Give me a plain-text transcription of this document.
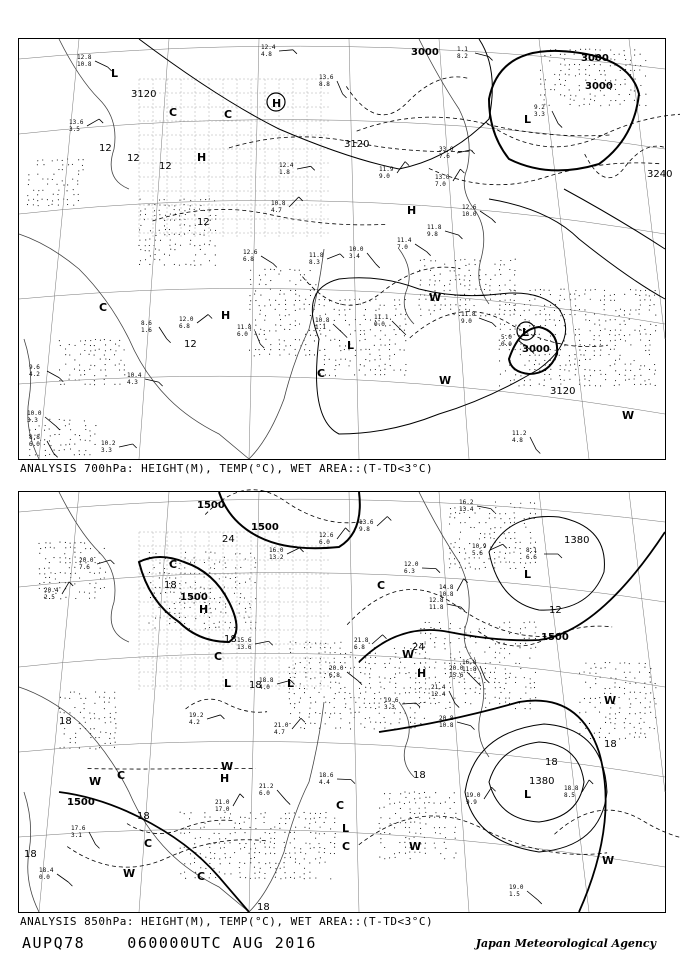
8.6
1.6
10.4
4.3
10.0
3.3
10.2
3.3
11.2
4.8
11.8
9.0
11.1
0.0
5.0
0.0
10.8
1.1
11.4
7.0
11.8
9.8
10.0
3.4
12.6
10.0
13.0
7.0
33.0
7.6
12.4
1.8
12.6
6.8
11.8
6.0
11.8
8.3
10.8
4.7
12.0
6.8
11.9
9.0
9.2
3.3
12.8
10.8
13.6
3.5
9.6
4.2
8.8
6.0
12.4
4.8
13.6
8.8
1.1
8.2
12
12
12
12
12
3000
3000
3000
3120
3120
3240
3000
3120
L
H
H
C	C	L
H
W
H
C
L
C
W
L
W
ANALYSIS 700hPa: HEIGHT(M), TEMP(°C), WET AREA::(T-TD<3°C)
19.0
1.5
19.0
9.9
18.8
8.5
21.0
17.0
21.2
6.0
18.6
4.4
19.6
3.3
21.4
12.4
20.0
15.6
20.8
10.8
16.8
11.8
12.8
11.8
14.8
10.8
12.0
6.3
19.2
4.2
18.8
4.0
21.0
4.7
20.0
6.8
21.8
6.8
15.6
13.6
20.0
7.6
20.4
2.5
17.6
3.1
18.4
0.0
16.2
13.4
10.9
5.6	8.1
6.6
16.0
13.2
12.6
6.0
13.6
9.8
24
18
18
24
18
18
18
18
18
12
18
18
18
1500
1500
1500
1500
1500
1380
1380
C
H
L
C
C
L	L
W
H
H
W
W C
C
L
C	W
C
L
W
W
W	C
ANALYSIS 850hPa: HEIGHT(M), TEMP(°C), WET AREA::(T-TD<3°C)
AUPQ78    060000UTC AUG 2016	Japan Meteorological Agency
